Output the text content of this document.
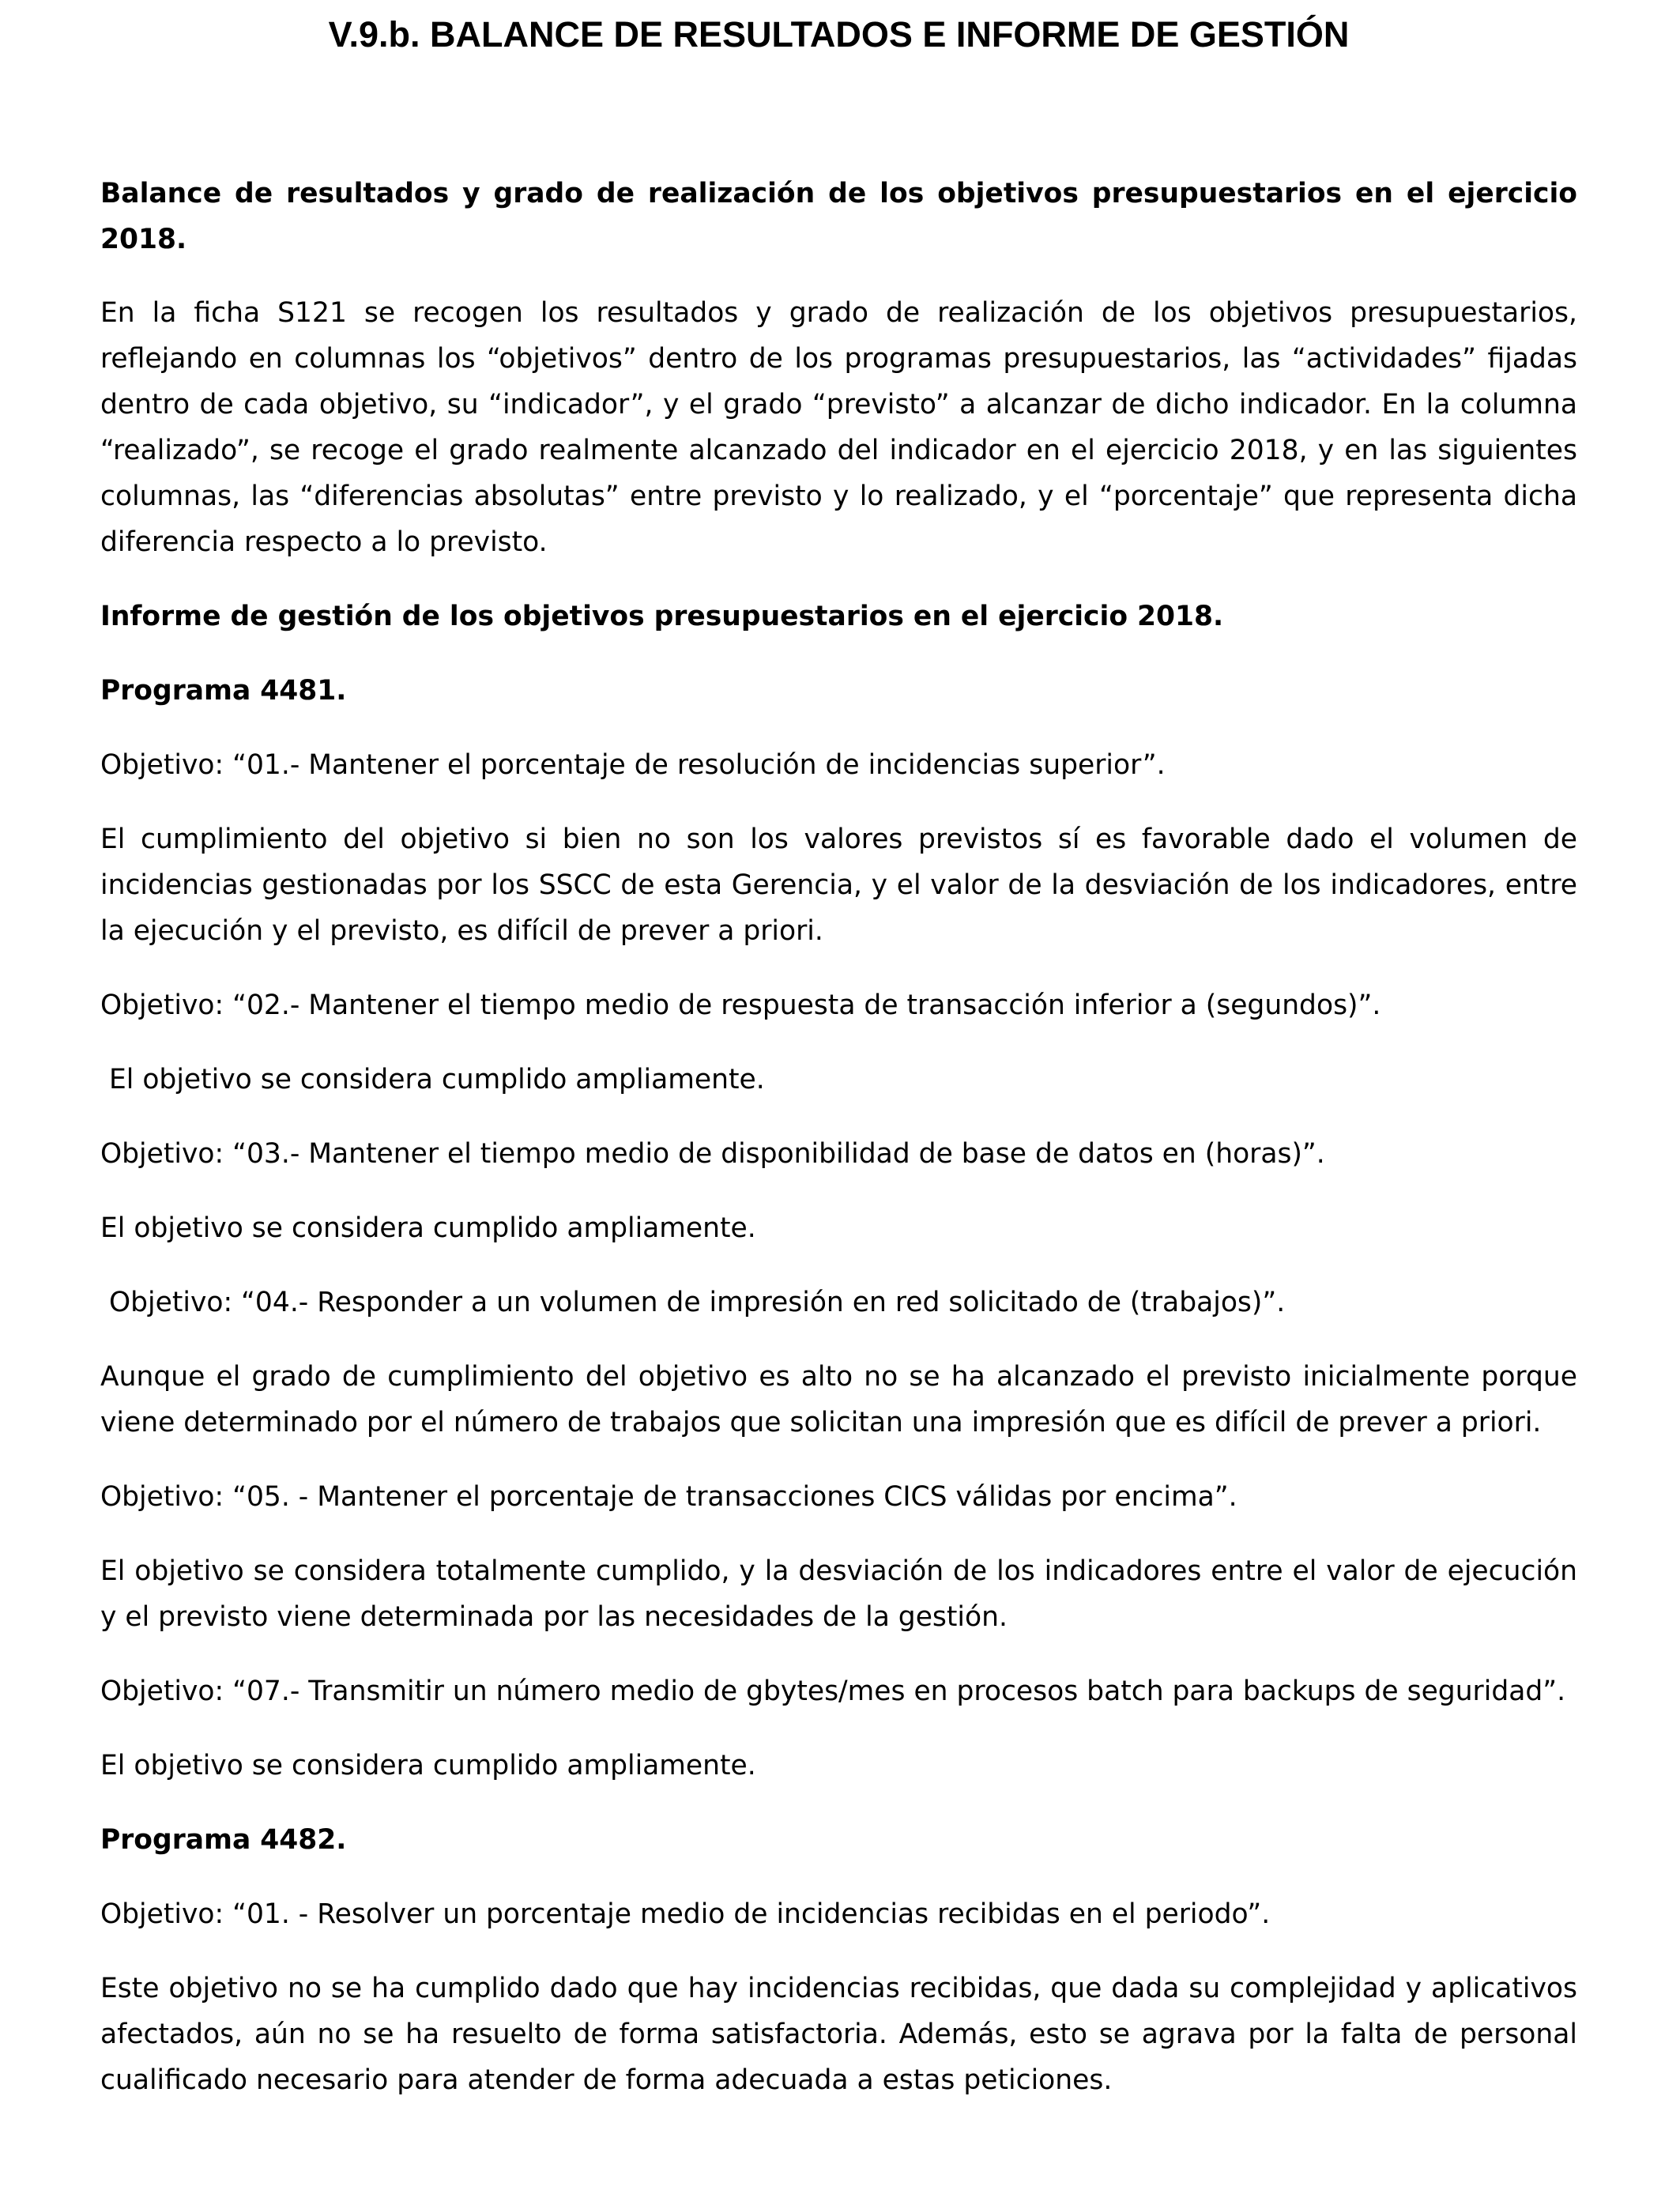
V.9.b. BALANCE DE RESULTADOS E INFORME DE GESTIÓN

Balance de resultados y grado de realización de los objetivos presupuestarios en el ejercicio 2018.

En la ficha S121 se recogen los resultados y grado de realización de los objetivos presupuestarios, reflejando en columnas los “objetivos” dentro de los programas presupuestarios, las “actividades” fijadas dentro de cada objetivo, su “indicador”, y el grado “previsto” a alcanzar de dicho indicador. En la columna “realizado”, se recoge el grado realmente alcanzado del indicador en el ejercicio 2018, y en las siguientes columnas, las “diferencias absolutas” entre previsto y lo realizado, y el “porcentaje” que representa dicha diferencia respecto a lo previsto.

Informe de gestión de los objetivos presupuestarios en el ejercicio 2018.

Programa 4481.

Objetivo: “01.- Mantener el porcentaje de resolución de incidencias superior”.

El cumplimiento del objetivo si bien no son los valores previstos sí es favorable dado el volumen de incidencias gestionadas por los SSCC de esta Gerencia, y el valor de la desviación de los indicadores, entre la ejecución y el previsto, es difícil de prever a priori.

Objetivo: “02.- Mantener el tiempo medio de respuesta de transacción inferior a (segundos)”.

El objetivo se considera cumplido ampliamente.

Objetivo: “03.- Mantener el tiempo medio de disponibilidad de base de datos en (horas)”.

El objetivo se considera cumplido ampliamente.

Objetivo: “04.- Responder a un volumen de impresión en red solicitado de (trabajos)”.

Aunque el grado de cumplimiento del objetivo es alto no se ha alcanzado el previsto inicialmente porque viene determinado por el número de trabajos que solicitan una impresión que es difícil de prever a priori.

Objetivo: “05. - Mantener el porcentaje de transacciones CICS válidas por encima”.

El objetivo se considera totalmente cumplido, y la desviación de los indicadores entre el valor de ejecución y el previsto viene determinada por las necesidades de la gestión.

Objetivo: “07.- Transmitir un número medio de gbytes/mes en procesos batch para backups de seguridad”.

El objetivo se considera cumplido ampliamente.

Programa 4482.

Objetivo: “01. - Resolver un porcentaje medio de incidencias recibidas en el periodo”.

Este objetivo no se ha cumplido dado que hay incidencias recibidas, que dada su complejidad y aplicativos afectados, aún no se ha resuelto de forma satisfactoria. Además, esto se agrava por la falta de personal cualificado necesario para atender de forma adecuada a estas peticiones.
